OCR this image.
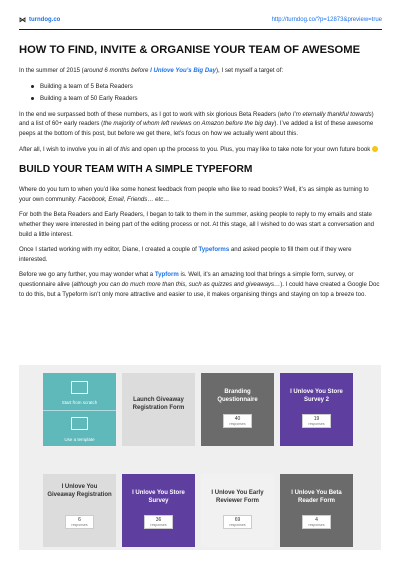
⋈ turndog.co	http://turndog.co/?p=12873&preview=true
HOW TO FIND, INVITE & ORGANISE YOUR TEAM OF AWESOME

In the summer of 2015 (around 6 months before I Unlove You’s Big Day), I set myself a target of:

Building a team of 5 Beta Readers
Building a team of 50 Early Readers

In the end we surpassed both of these numbers, as I got to work with six glorious Beta Readers (who I’m eternally thankful towards) and a list of 60+ early readers (the majority of whom left reviews on Amazon before the big day). I’ve added a list of these awesome peeps at the bottom of this post, but before we get there, let’s focus on how we actually went about this.

After all, I wish to involve you in all of this and open up the process to you. Plus, you may like to take note for your own future book

BUILD YOUR TEAM WITH A SIMPLE TYPEFORM

Where do you turn to when you’d like some honest feedback from people who like to read books? Well, it’s as simple as turning to your own community: Facebook, Email, Friends… etc…

For both the Beta Readers and Early Readers, I began to talk to them in the summer, asking people to reply to my emails and state whether they were interested in being part of the editing process or not. At this stage, all I wished to do was start a conversation and build a little interest.

Once I started working with my editor, Diane, I created a couple of Typeforms and asked people to fill them out if they were interested.

Before we go any further, you may wonder what a Typform is. Well, it’s an amazing tool that brings a simple form, survey, or questionnaire alive (although you can do much more than this, such as quizzes and giveaways…). I could have created a Google Doc to do this, but a Typeform isn’t only more attractive and easier to use, it makes organising things and staying on top a breeze too.

Start from scratch
Use a template
Launch Giveaway Registration Form
Branding Questionnaire
40
responses
I Unlove You Store Survey 2
19
responses
I Unlove You Giveaway Registration
6
responses
I Unlove You Store Survey
36
responses
I Unlove You Early Reviewer Form
69
responses
I Unlove You Beta Reader Form
4
responses
